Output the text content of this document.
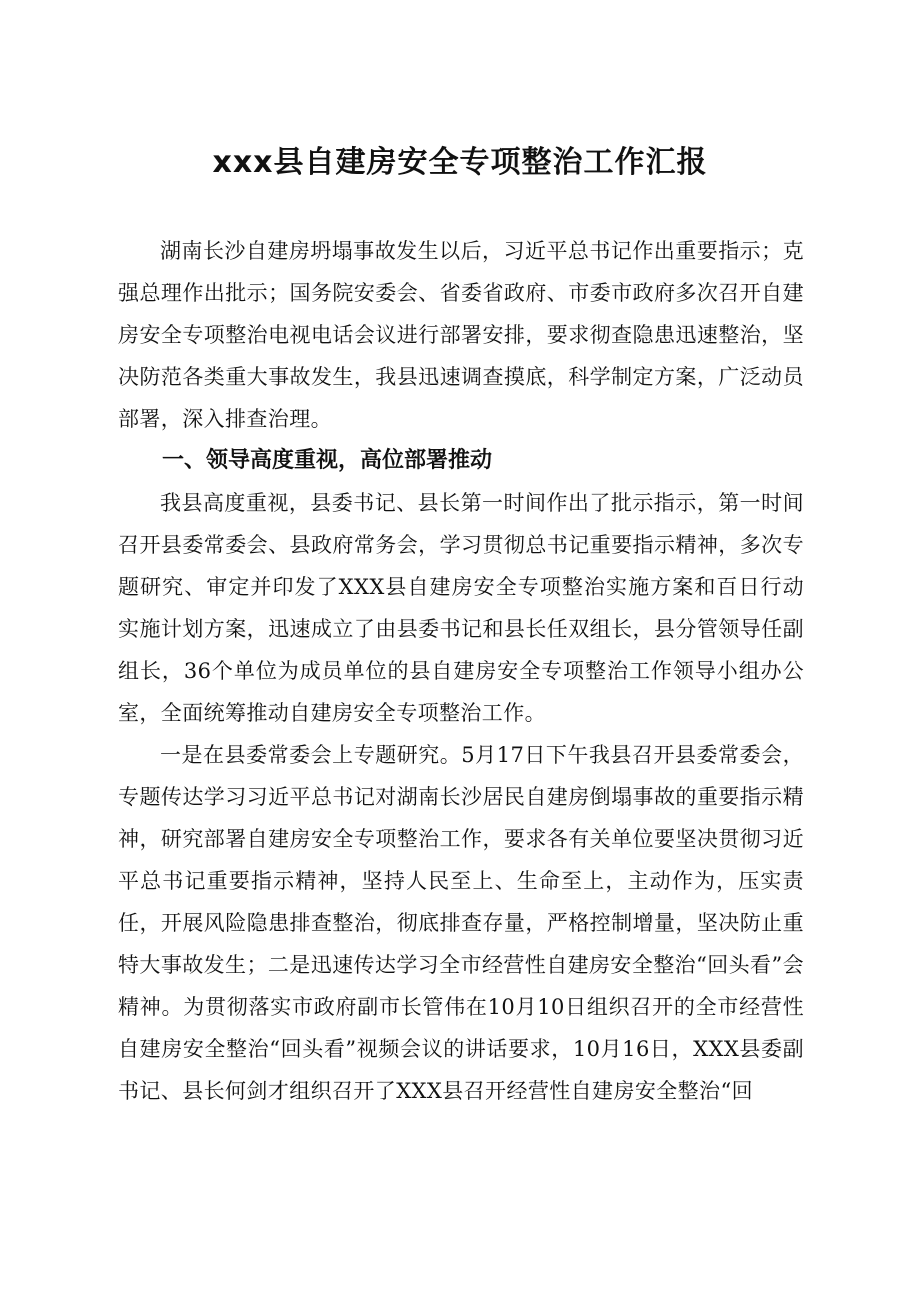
xxx县自建房安全专项整治工作汇报

湖南长沙自建房坍塌事故发生以后，习近平总书记作出重要指示；克强总理作出批示；国务院安委会、省委省政府、市委市政府多次召开自建房安全专项整治电视电话会议进行部署安排，要求彻查隐患迅速整治，坚决防范各类重大事故发生，我县迅速调查摸底，科学制定方案，广泛动员部署，深入排查治理。

一、领导高度重视，高位部署推动

我县高度重视，县委书记、县长第一时间作出了批示指示，第一时间召开县委常委会、县政府常务会，学习贯彻总书记重要指示精神，多次专题研究、审定并印发了XXX县自建房安全专项整治实施方案和百日行动实施计划方案，迅速成立了由县委书记和县长任双组长，县分管领导任副组长，36个单位为成员单位的县自建房安全专项整治工作领导小组办公室，全面统筹推动自建房安全专项整治工作。

一是在县委常委会上专题研究。5月17日下午我县召开县委常委会，专题传达学习习近平总书记对湖南长沙居民自建房倒塌事故的重要指示精神，研究部署自建房安全专项整治工作，要求各有关单位要坚决贯彻习近平总书记重要指示精神，坚持人民至上、生命至上，主动作为，压实责任，开展风险隐患排查整治，彻底排查存量，严格控制增量，坚决防止重特大事故发生；二是迅速传达学习全市经营性自建房安全整治“回头看”会精神。为贯彻落实市政府副市长管伟在10月10日组织召开的全市经营性自建房安全整治“回头看”视频会议的讲话要求，10月16日，XXX县委副书记、县长何剑才组织召开了XXX县召开经营性自建房安全整治“回
